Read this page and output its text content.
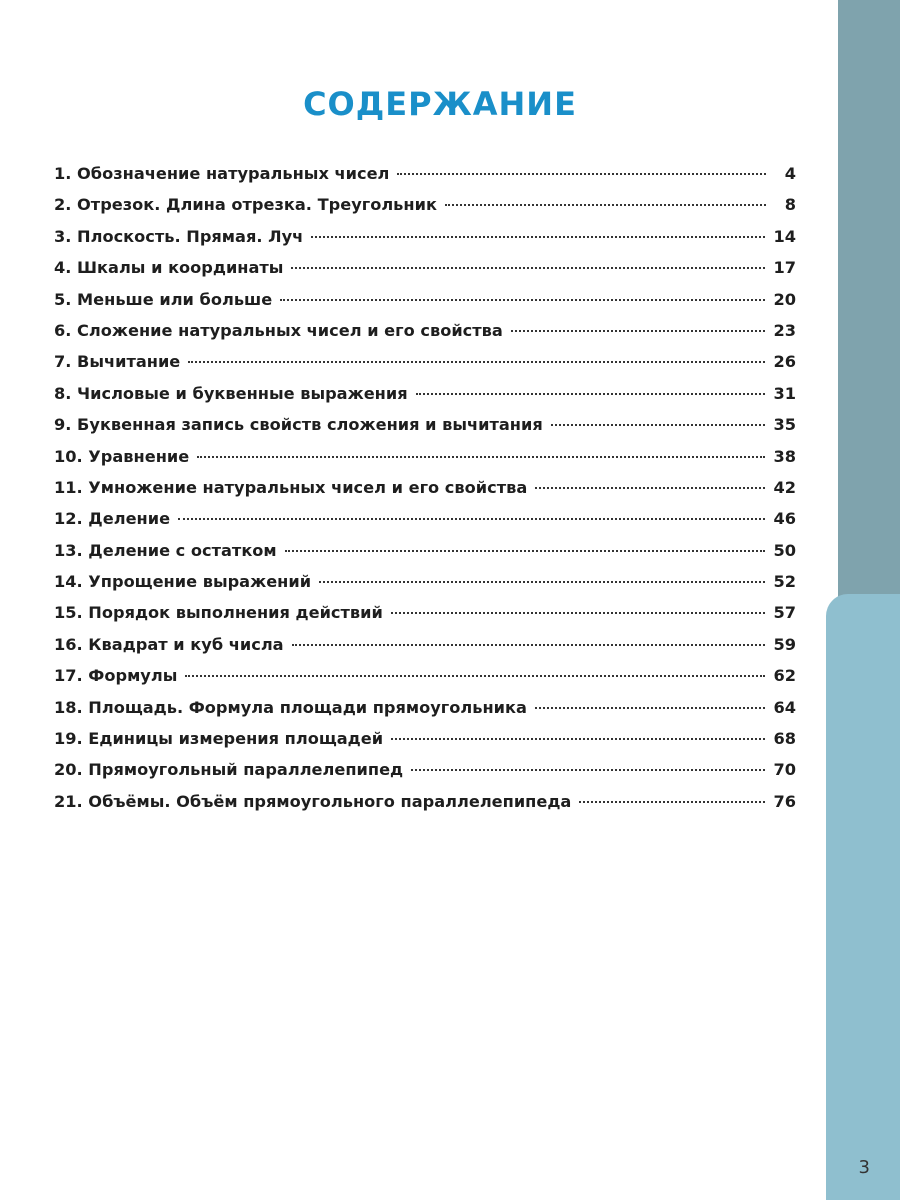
СОДЕРЖАНИЕ
1. Обозначение натуральных чисел	4
2. Отрезок. Длина отрезка. Треугольник	8
3. Плоскость. Прямая. Луч	14
4. Шкалы и координаты	17
5. Меньше или больше	20
6. Сложение натуральных чисел и его свойства	23
7. Вычитание	26
8. Числовые и буквенные выражения	31
9. Буквенная запись свойств сложения и вычитания	35
10. Уравнение	38
11. Умножение натуральных чисел и его свойства	42
12. Деление	46
13. Деление с остатком	50
14. Упрощение выражений	52
15. Порядок выполнения действий	57
16. Квадрат и куб числа	59
17. Формулы	62
18. Площадь. Формула площади прямоугольника	64
19. Единицы измерения площадей	68
20. Прямоугольный параллелепипед	70
21. Объёмы. Объём прямоугольного параллелепипеда	76
3
